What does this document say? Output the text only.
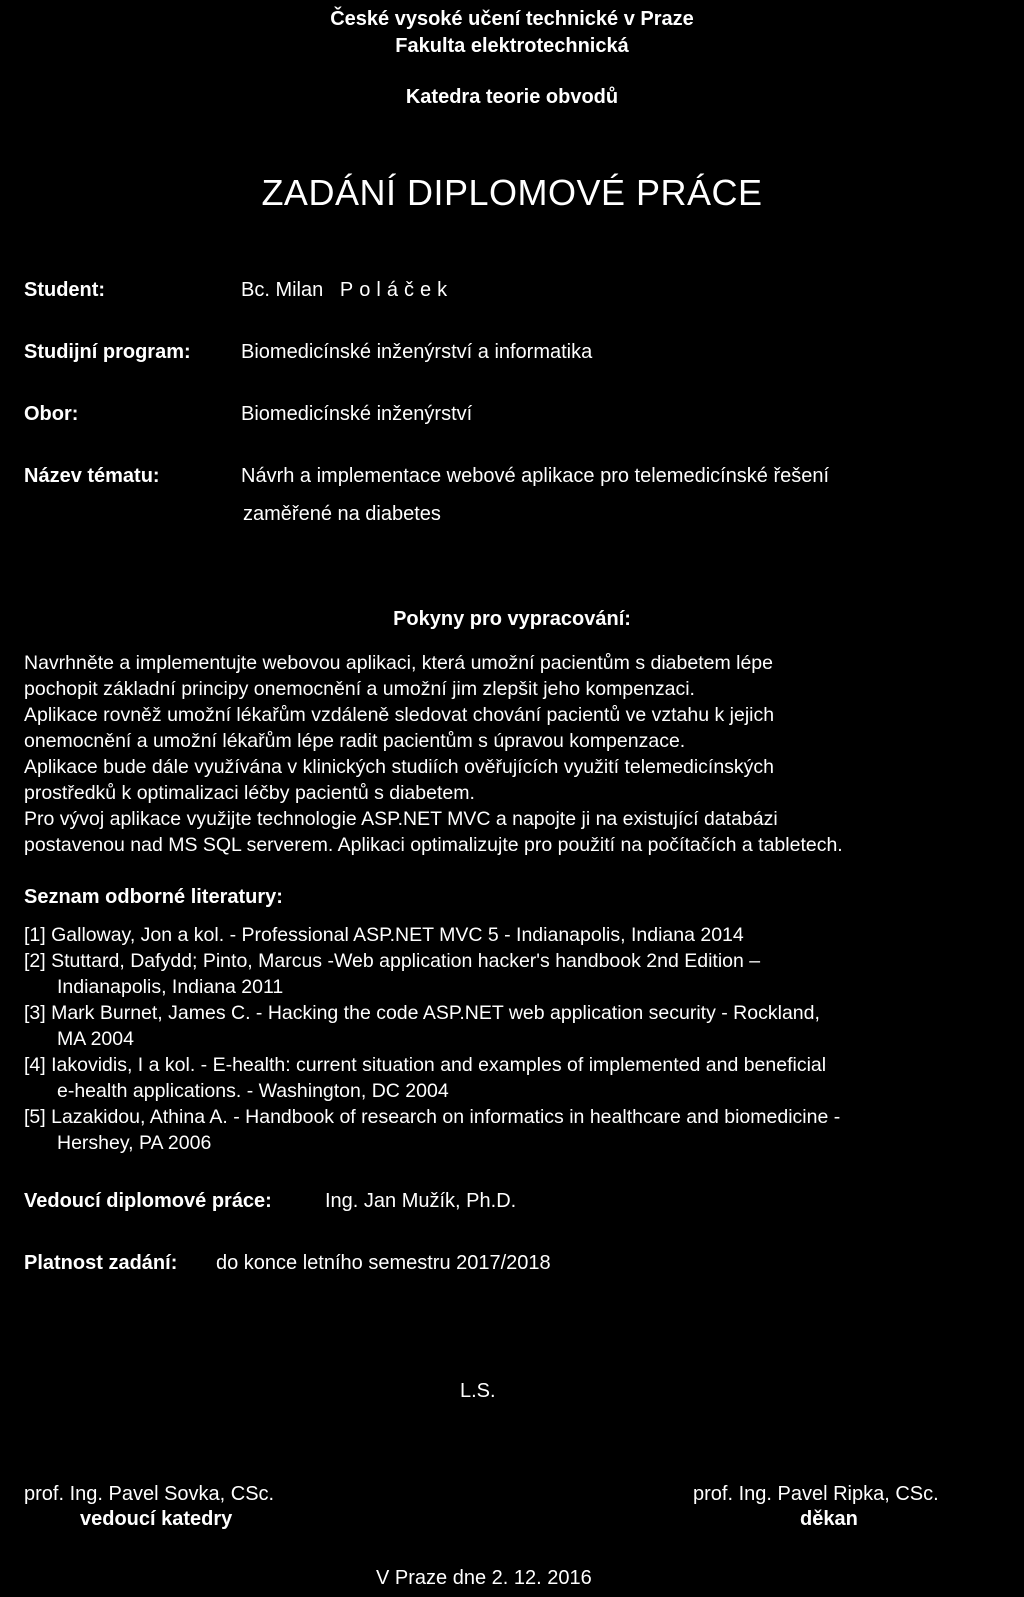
České vysoké učení technické v Praze
Fakulta elektrotechnická
Katedra teorie obvodů
ZADÁNÍ DIPLOMOVÉ PRÁCE
Student:	Bc. Milan Poláček
Studijní program:	Biomedicínské inženýrství a informatika
Obor:	Biomedicínské inženýrství
Název tématu:	Návrh a implementace webové aplikace pro telemedicínské řešení
zaměřené na diabetes
Pokyny pro vypracování:
Navrhněte a implementujte webovou aplikaci, která umožní pacientům s diabetem lépe
pochopit základní principy onemocnění a umožní jim zlepšit jeho kompenzaci.
Aplikace rovněž umožní lékařům vzdáleně sledovat chování pacientů ve vztahu k jejich
onemocnění a umožní lékařům lépe radit pacientům s úpravou kompenzace.
Aplikace bude dále využívána v klinických studiích ověřujících využití telemedicínských
prostředků k optimalizaci léčby pacientů s diabetem.
Pro vývoj aplikace využijte technologie ASP.NET MVC a napojte ji na existující databázi
postavenou nad MS SQL serverem. Aplikaci optimalizujte pro použití na počítačích a tabletech.
Seznam odborné literatury:
[1] Galloway, Jon a kol. - Professional ASP.NET MVC 5 - Indianapolis, Indiana 2014
[2] Stuttard, Dafydd; Pinto, Marcus -Web application hacker's handbook 2nd Edition –
Indianapolis, Indiana 2011
[3] Mark Burnet, James C. - Hacking the code ASP.NET web application security - Rockland,
MA 2004
[4] Iakovidis, I a kol. - E-health: current situation and examples of implemented and beneficial
e-health applications. - Washington, DC 2004
[5] Lazakidou, Athina A. - Handbook of research on informatics in healthcare and biomedicine -
Hershey, PA 2006
Vedoucí diplomové práce:	Ing. Jan Mužík, Ph.D.
Platnost zadání: do konce letního semestru 2017/2018
L.S.
prof. Ing. Pavel Sovka, CSc.
vedoucí katedry
prof. Ing. Pavel Ripka, CSc.
děkan
V Praze dne 2. 12. 2016
